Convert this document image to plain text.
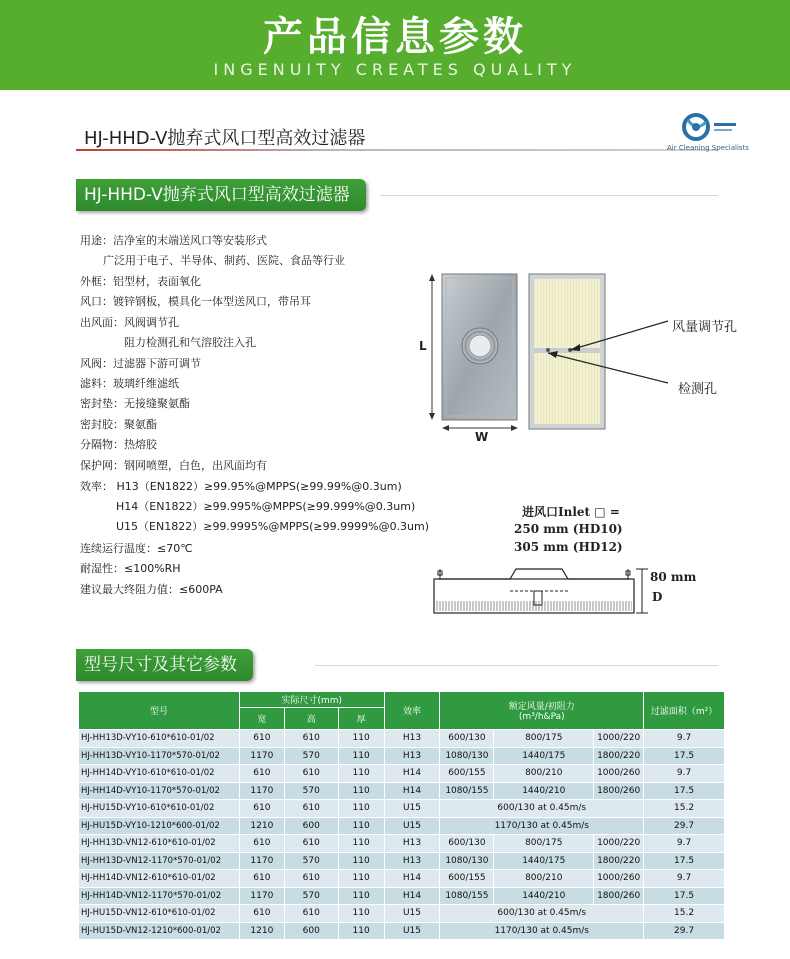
产品信息参数
INGENUITY CREATES QUALITY
HJ-HHD-V抛弃式风口型高效过滤器	Air Cleaning Specialists
HJ-HHD-V抛弃式风口型高效过滤器
用途：洁净室的末端送风口等安装形式
广泛用于电子、半导体、制药、医院、食品等行业
外框：铝型材，表面氧化
风口：镀锌钢板，模具化一体型送风口，带吊耳
出风面：风阀调节孔
阻力检测孔和气溶胶注入孔
风阀：过滤器下游可调节
滤料：玻璃纤维滤纸
密封垫：无接缝聚氨酯
密封胶：聚氨酯
分隔物：热熔胶
保护网：钢网喷塑，白色，出风面均有
效率： H13（EN1822）≥99.95%@MPPS(≥99.99%@0.3um)
H14（EN1822）≥99.995%@MPPS(≥99.999%@0.3um)
U15（EN1822）≥99.9995%@MPPS(≥99.9999%@0.3um)
连续运行温度：≤70℃
耐湿性：≤100%RH
建议最大终阻力值：≤600PA
L
W
风量调节孔
检测孔
进风口Inlet □ =
250 mm (HD10)
305 mm (HD12)
80 mm
D
型号尺寸及其它参数
型号	实际尺寸(mm)			效率	额定风量/初阻力
(m³/h&Pa)			过滤面积（m²）
	宽	高	厚					
HJ-HH13D-VY10-610*610-01/02	610	610	110	H13	600/130	800/175	1000/220	9.7
HJ-HH13D-VY10-1170*570-01/02	1170	570	110	H13	1080/130	1440/175	1800/220	17.5
HJ-HH14D-VY10-610*610-01/02	610	610	110	H14	600/155	800/210	1000/260	9.7
HJ-HH14D-VY10-1170*570-01/02	1170	570	110	H14	1080/155	1440/210	1800/260	17.5
HJ-HU15D-VY10-610*610-01/02	610	610	110	U15	600/130 at 0.45m/s			15.2
HJ-HU15D-VY10-1210*600-01/02	1210	600	110	U15	1170/130 at 0.45m/s			29.7
HJ-HH13D-VN12-610*610-01/02	610	610	110	H13	600/130	800/175	1000/220	9.7
HJ-HH13D-VN12-1170*570-01/02	1170	570	110	H13	1080/130	1440/175	1800/220	17.5
HJ-HH14D-VN12-610*610-01/02	610	610	110	H14	600/155	800/210	1000/260	9.7
HJ-HH14D-VN12-1170*570-01/02	1170	570	110	H14	1080/155	1440/210	1800/260	17.5
HJ-HU15D-VN12-610*610-01/02	610	610	110	U15	600/130 at 0.45m/s			15.2
HJ-HU15D-VN12-1210*600-01/02	1210	600	110	U15	1170/130 at 0.45m/s			29.7
